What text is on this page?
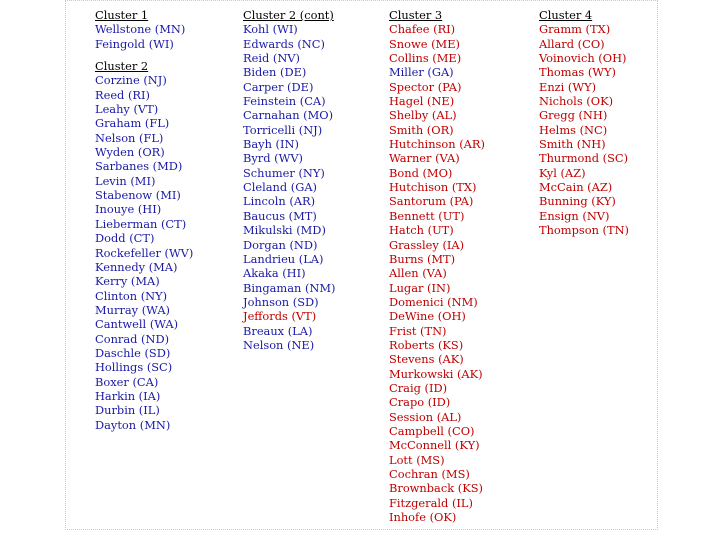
Cluster 1
Wellstone (MN)
Feingold (WI)
Cluster 2
Corzine (NJ)
Reed (RI)
Leahy (VT)
Graham (FL)
Nelson (FL)
Wyden (OR)
Sarbanes (MD)
Levin (MI)
Stabenow (MI)
Inouye (HI)
Lieberman (CT)
Dodd (CT)
Rockefeller (WV)
Kennedy (MA)
Kerry (MA)
Clinton (NY)
Murray (WA)
Cantwell (WA)
Conrad (ND)
Daschle (SD)
Hollings (SC)
Boxer (CA)
Harkin (IA)
Durbin (IL)
Dayton (MN)
Cluster 2 (cont)
Kohl (WI)
Edwards (NC)
Reid (NV)
Biden (DE)
Carper (DE)
Feinstein (CA)
Carnahan (MO)
Torricelli (NJ)
Bayh (IN)
Byrd (WV)
Schumer (NY)
Cleland (GA)
Lincoln (AR)
Baucus (MT)
Mikulski (MD)
Dorgan (ND)
Landrieu (LA)
Akaka (HI)
Bingaman (NM)
Johnson (SD)
Jeffords (VT)
Breaux (LA)
Nelson (NE)
Cluster 3
Chafee (RI)
Snowe (ME)
Collins (ME)
Miller (GA)
Spector (PA)
Hagel (NE)
Shelby (AL)
Smith (OR)
Hutchinson (AR)
Warner (VA)
Bond (MO)
Hutchison (TX)
Santorum (PA)
Bennett (UT)
Hatch (UT)
Grassley (IA)
Burns (MT)
Allen (VA)
Lugar (IN)
Domenici (NM)
DeWine (OH)
Frist (TN)
Roberts (KS)
Stevens (AK)
Murkowski (AK)
Craig (ID)
Crapo (ID)
Session (AL)
Campbell (CO)
McConnell (KY)
Lott (MS)
Cochran (MS)
Brownback (KS)
Fitzgerald (IL)
Inhofe (OK)
Cluster 4
Gramm (TX)
Allard (CO)
Voinovich (OH)
Thomas (WY)
Enzi (WY)
Nichols (OK)
Gregg (NH)
Helms (NC)
Smith (NH)
Thurmond (SC)
Kyl (AZ)
McCain (AZ)
Bunning (KY)
Ensign (NV)
Thompson (TN)
